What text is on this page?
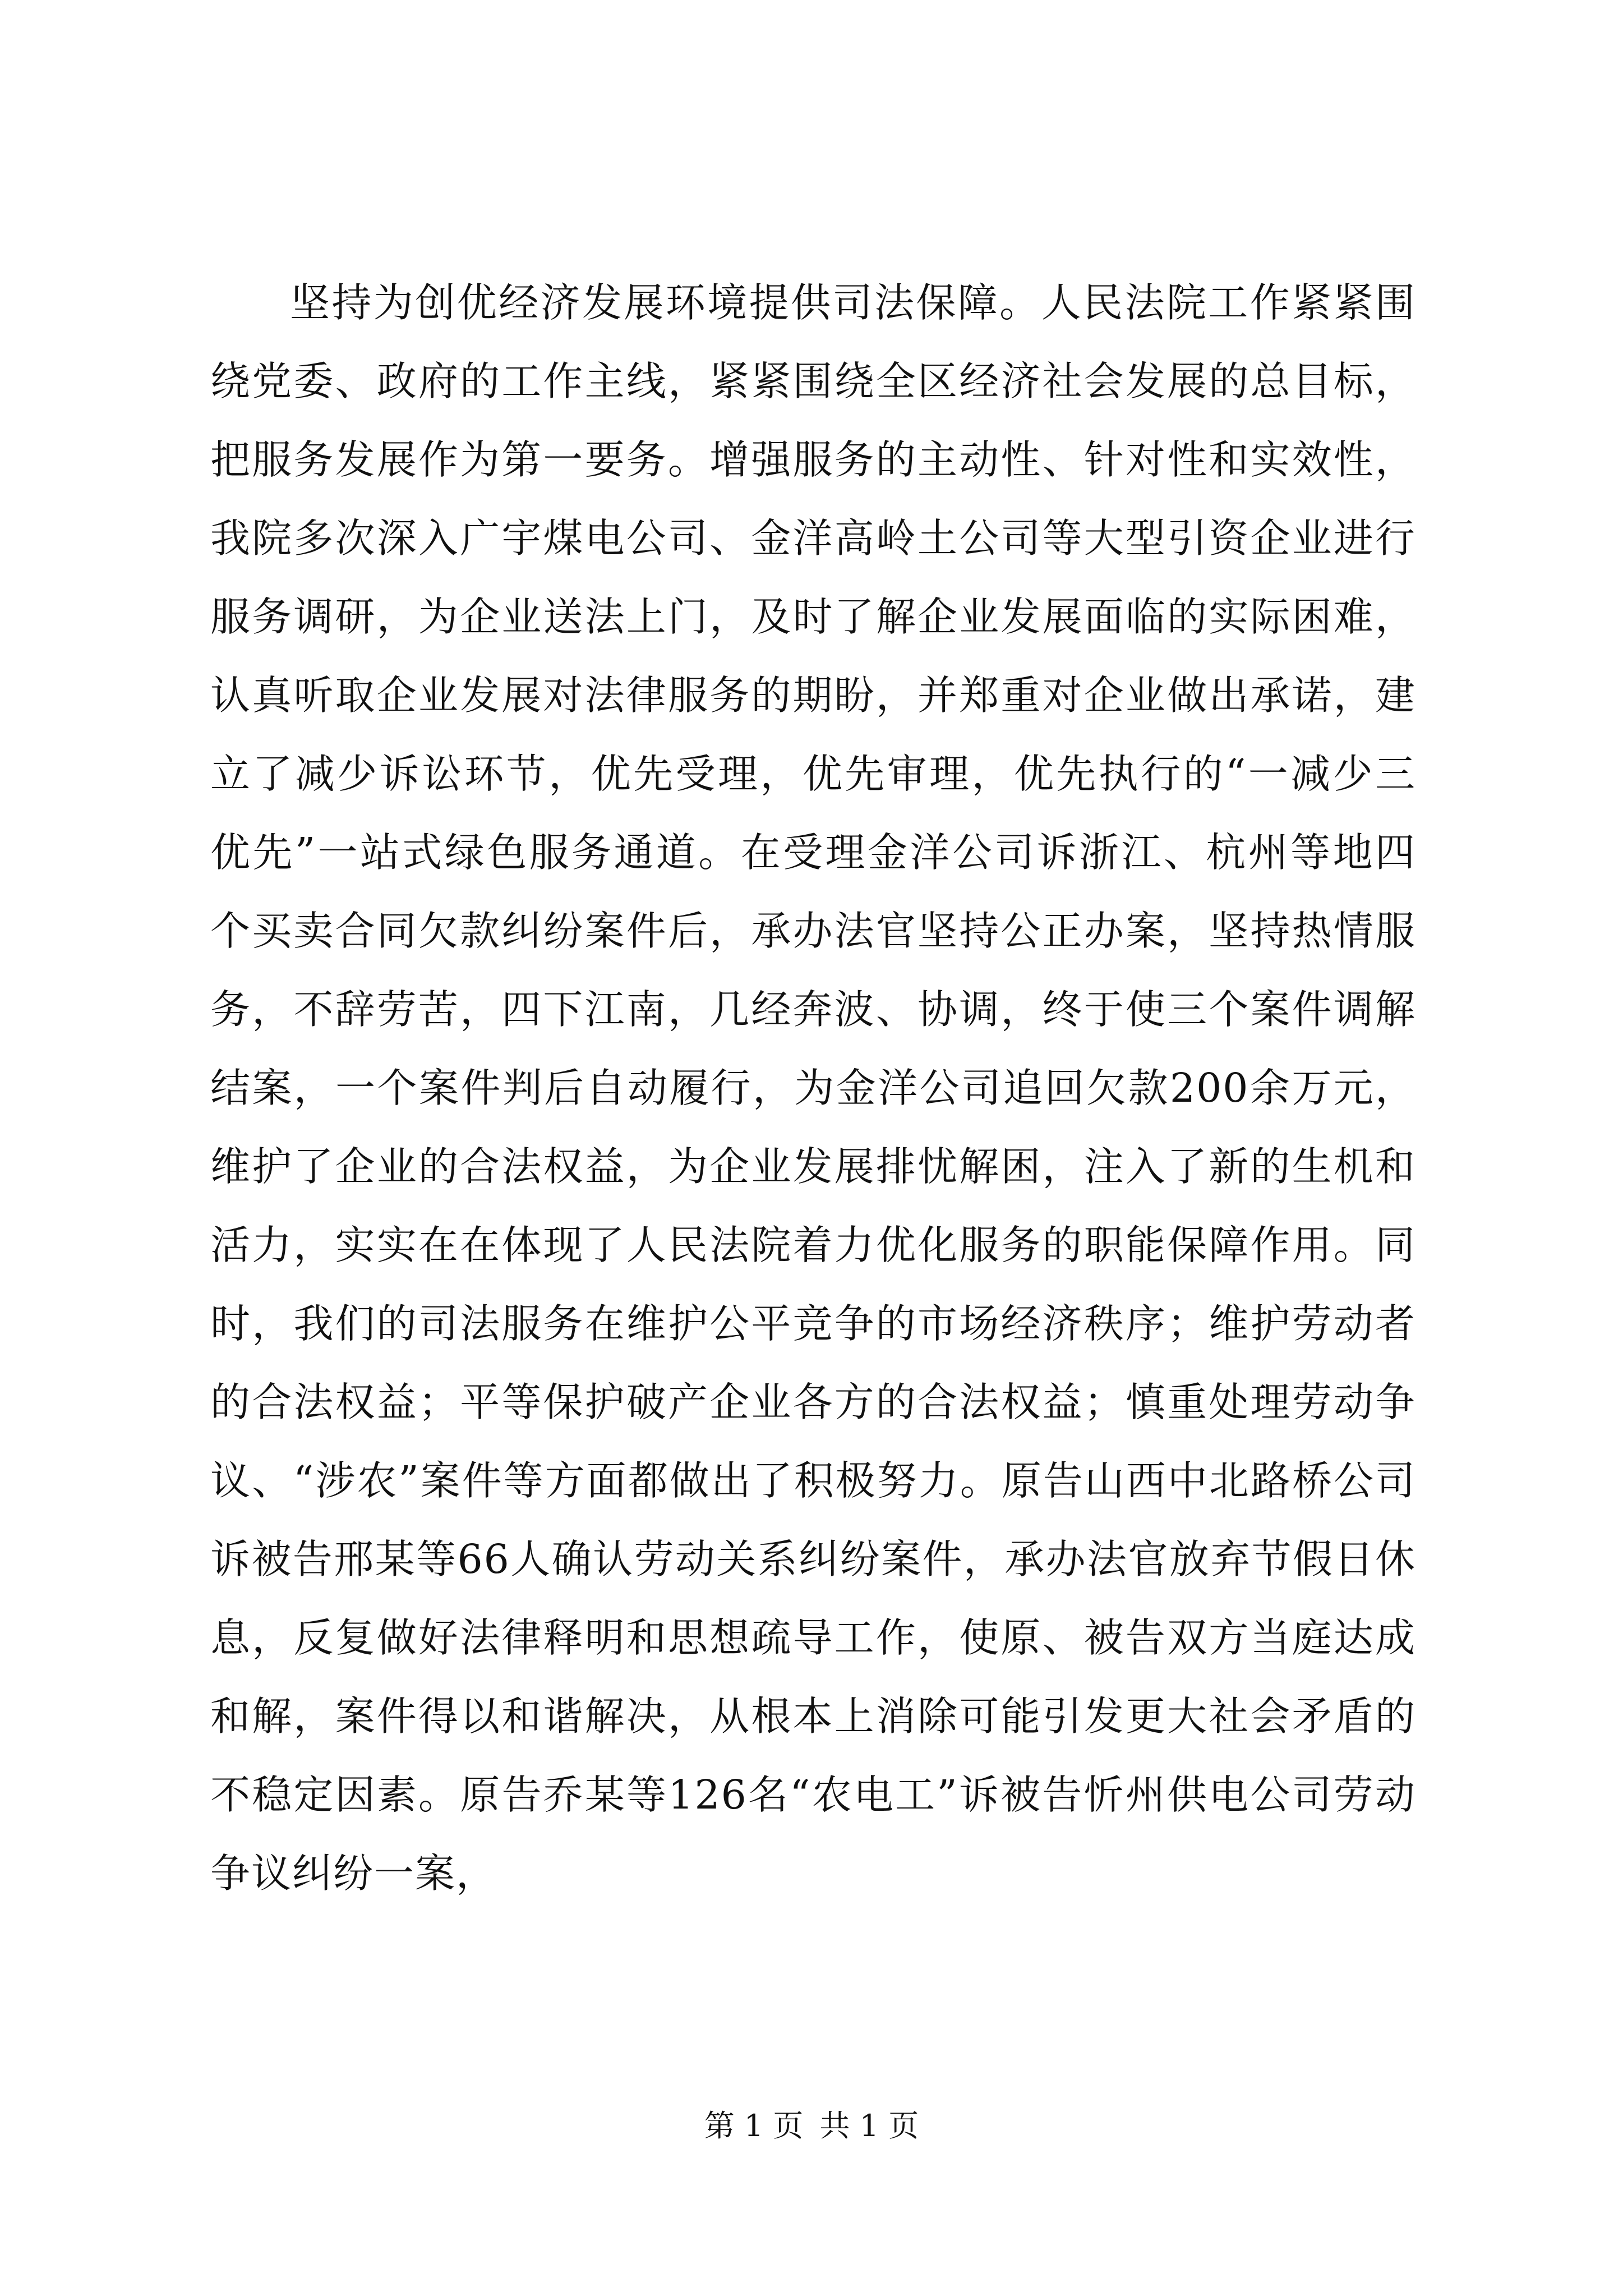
坚持为创优经济发展环境提供司法保障。人民法院工作紧紧围绕党委、政府的工作主线，紧紧围绕全区经济社会发展的总目标，把服务发展作为第一要务。增强服务的主动性、针对性和实效性，我院多次深入广宇煤电公司、金洋高岭土公司等大型引资企业进行服务调研，为企业送法上门，及时了解企业发展面临的实际困难，认真听取企业发展对法律服务的期盼，并郑重对企业做出承诺，建立了减少诉讼环节，优先受理，优先审理，优先执行的“一减少三优先”一站式绿色服务通道。在受理金洋公司诉浙江、杭州等地四个买卖合同欠款纠纷案件后，承办法官坚持公正办案，坚持热情服务，不辞劳苦，四下江南，几经奔波、协调，终于使三个案件调解结案，一个案件判后自动履行，为金洋公司追回欠款200余万元，维护了企业的合法权益，为企业发展排忧解困，注入了新的生机和活力，实实在在体现了人民法院着力优化服务的职能保障作用。同时，我们的司法服务在维护公平竞争的市场经济秩序；维护劳动者的合法权益；平等保护破产企业各方的合法权益；慎重处理劳动争议、“涉农”案件等方面都做出了积极努力。原告山西中北路桥公司诉被告邢某等66人确认劳动关系纠纷案件，承办法官放弃节假日休息，反复做好法律释明和思想疏导工作，使原、被告双方当庭达成和解，案件得以和谐解决，从根本上消除可能引发更大社会矛盾的不稳定因素。原告乔某等126名“农电工”诉被告忻州供电公司劳动争议纠纷一案，

第 1 页 共 1 页
